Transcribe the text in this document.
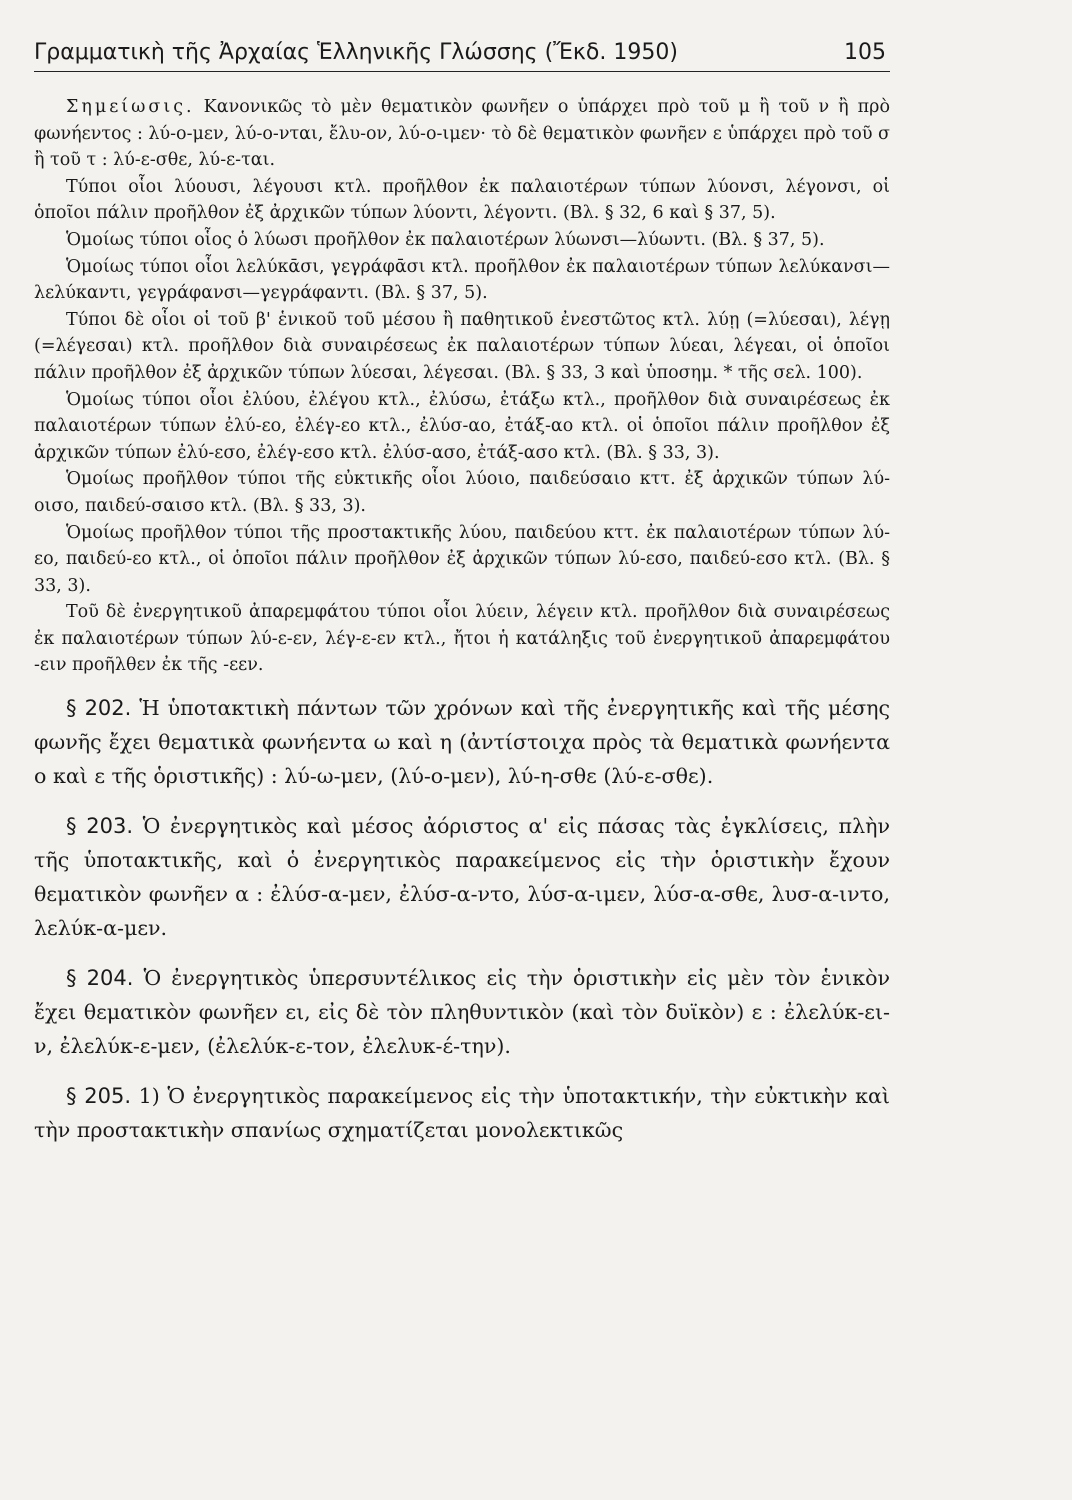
Γραμματικὴ τῆς Ἀρχαίας Ἑλληνικῆς Γλώσσης (Ἔκδ. 1950)	105

Σημείωσις. Κανονικῶς τὸ μὲν θεματικὸν φωνῆεν ο ὑπάρχει πρὸ τοῦ μ ἢ τοῦ ν ἢ πρὸ φωνήεντος : λύ-ο-μεν, λύ-ο-νται, ἔλυ-ον, λύ-ο-ιμεν· τὸ δὲ θεματικὸν φωνῆεν ε ὑπάρχει πρὸ τοῦ σ ἢ τοῦ τ : λύ-ε-σθε, λύ-ε-ται.

Τύποι οἷοι λύουσι, λέγουσι κτλ. προῆλθον ἐκ παλαιοτέρων τύπων λύονσι, λέγονσι, οἱ ὁποῖοι πάλιν προῆλθον ἐξ ἀρχικῶν τύπων λύοντι, λέγοντι. (Βλ. § 32, 6 καὶ § 37, 5).

Ὁμοίως τύποι οἷος ὁ λύωσι προῆλθον ἐκ παλαιοτέρων λύωνσι—λύωντι. (Βλ. § 37, 5).

Ὁμοίως τύποι οἷοι λελύκᾱσι, γεγράφᾱσι κτλ. προῆλθον ἐκ παλαιοτέρων τύπων λελύκανσι—λελύκαντι, γεγράφανσι—γεγράφαντι. (Βλ. § 37, 5).

Τύποι δὲ οἷοι οἱ τοῦ β' ἑνικοῦ τοῦ μέσου ἢ παθητικοῦ ἐνεστῶτος κτλ. λύῃ (=λύεσαι), λέγῃ (=λέγεσαι) κτλ. προῆλθον διὰ συναιρέσεως ἐκ παλαιοτέρων τύπων λύεαι, λέγεαι, οἱ ὁποῖοι πάλιν προῆλθον ἐξ ἀρχικῶν τύπων λύεσαι, λέγεσαι. (Βλ. § 33, 3 καὶ ὑποσημ. * τῆς σελ. 100).

Ὁμοίως τύποι οἷοι ἐλύου, ἐλέγου κτλ., ἐλύσω, ἐτάξω κτλ., προῆλθον διὰ συναιρέσεως ἐκ παλαιοτέρων τύπων ἐλύ-εο, ἐλέγ-εο κτλ., ἐλύσ-αο, ἐτάξ-αο κτλ. οἱ ὁποῖοι πάλιν προῆλθον ἐξ ἀρχικῶν τύπων ἐλύ-εσο, ἐλέγ-εσο κτλ. ἐλύσ-ασο, ἐτάξ-ασο κτλ. (Βλ. § 33, 3).

Ὁμοίως προῆλθον τύποι τῆς εὐκτικῆς οἷοι λύοιο, παιδεύσαιο κττ. ἐξ ἀρχικῶν τύπων λύ-οισο, παιδεύ-σαισο κτλ. (Βλ. § 33, 3).

Ὁμοίως προῆλθον τύποι τῆς προστακτικῆς λύου, παιδεύου κττ. ἐκ παλαιοτέρων τύπων λύ-εο, παιδεύ-εο κτλ., οἱ ὁποῖοι πάλιν προῆλθον ἐξ ἀρχικῶν τύπων λύ-εσο, παιδεύ-εσο κτλ. (Βλ. § 33, 3).

Τοῦ δὲ ἐνεργητικοῦ ἀπαρεμφάτου τύποι οἷοι λύειν, λέγειν κτλ. προῆλθον διὰ συναιρέσεως ἐκ παλαιοτέρων τύπων λύ-ε-εν, λέγ-ε-εν κτλ., ἤτοι ἡ κατάληξις τοῦ ἐνεργητικοῦ ἀπαρεμφάτου -ειν προῆλθεν ἐκ τῆς -εεν.

§ 202. Ἡ ὑποτακτικὴ πάντων τῶν χρόνων καὶ τῆς ἐνεργητικῆς καὶ τῆς μέσης φωνῆς ἔχει θεματικὰ φωνήεντα ω καὶ η (ἀντίστοιχα πρὸς τὰ θεματικὰ φωνήεντα ο καὶ ε τῆς ὁριστικῆς) : λύ-ω-μεν, (λύ-ο-μεν), λύ-η-σθε (λύ-ε-σθε).

§ 203. Ὁ ἐνεργητικὸς καὶ μέσος ἀόριστος α' εἰς πάσας τὰς ἐγκλίσεις, πλὴν τῆς ὑποτακτικῆς, καὶ ὁ ἐνεργητικὸς παρακείμενος εἰς τὴν ὁριστικὴν ἔχουν θεματικὸν φωνῆεν α : ἐλύσ-α-μεν, ἐλύσ-α-ντο, λύσ-α-ιμεν, λύσ-α-σθε, λυσ-α-ιντο, λελύκ-α-μεν.

§ 204. Ὁ ἐνεργητικὸς ὑπερσυντέλικος εἰς τὴν ὁριστικὴν εἰς μὲν τὸν ἑνικὸν ἔχει θεματικὸν φωνῆεν ει, εἰς δὲ τὸν πληθυντικὸν (καὶ τὸν δυϊκὸν) ε : ἐλελύκ-ει-ν, ἐλελύκ-ε-μεν, (ἐλελύκ-ε-τον, ἐλελυκ-έ-την).

§ 205. 1) Ὁ ἐνεργητικὸς παρακείμενος εἰς τὴν ὑποτακτικήν, τὴν εὐκτικὴν καὶ τὴν προστακτικὴν σπανίως σχηματίζεται μονολεκτικῶς
